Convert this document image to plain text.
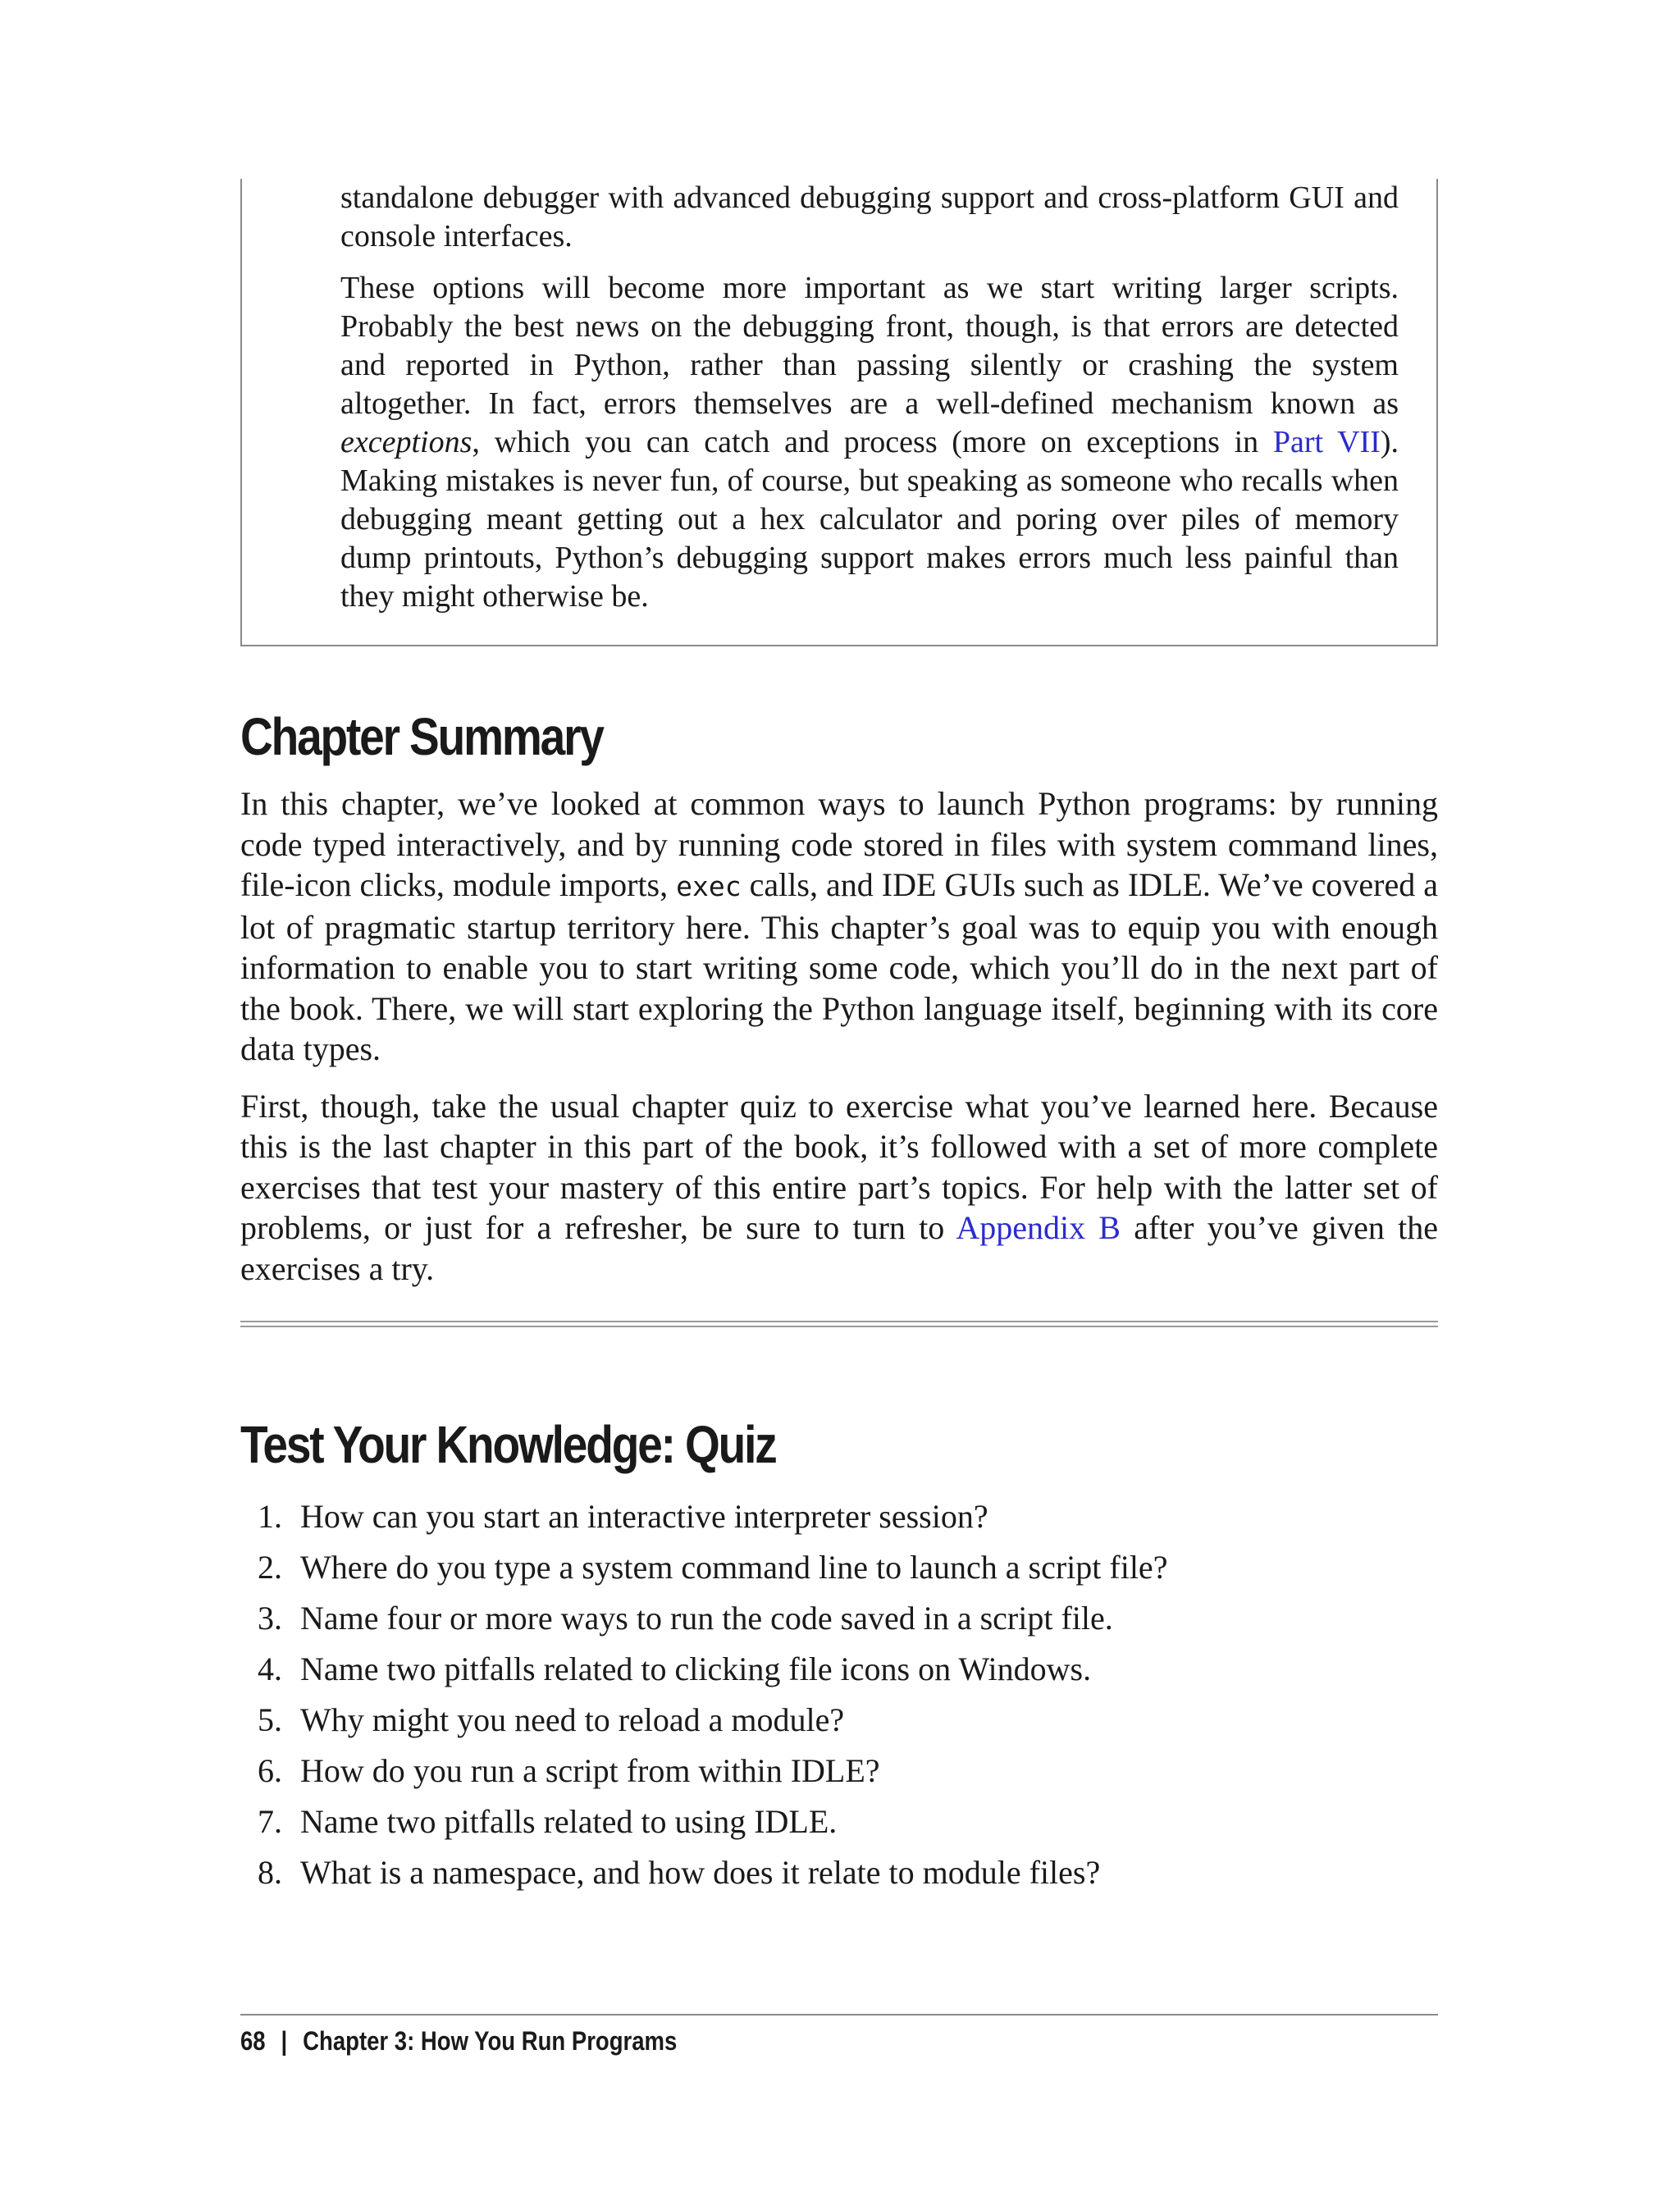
standalone debugger with advanced debugging support and cross-platform GUI and console interfaces.

These options will become more important as we start writing larger scripts. Probably the best news on the debugging front, though, is that errors are detected and reported in Python, rather than passing silently or crashing the system altogether. In fact, errors themselves are a well-defined mechanism known as exceptions, which you can catch and process (more on exceptions in Part VII). Making mistakes is never fun, of course, but speaking as someone who recalls when debugging meant getting out a hex calculator and poring over piles of memory dump printouts, Python’s debugging support makes errors much less painful than they might otherwise be.

Chapter Summary

In this chapter, we’ve looked at common ways to launch Python programs: by running code typed interactively, and by running code stored in files with system command lines, file-icon clicks, module imports, exec calls, and IDE GUIs such as IDLE. We’ve covered a lot of pragmatic startup territory here. This chapter’s goal was to equip you with enough information to enable you to start writing some code, which you’ll do in the next part of the book. There, we will start exploring the Python language itself, beginning with its core data types.

First, though, take the usual chapter quiz to exercise what you’ve learned here. Because this is the last chapter in this part of the book, it’s followed with a set of more complete exercises that test your mastery of this entire part’s topics. For help with the latter set of problems, or just for a refresher, be sure to turn to Appendix B after you’ve given the exercises a try.

Test Your Knowledge: Quiz
1. How can you start an interactive interpreter session?
2. Where do you type a system command line to launch a script file?
3. Name four or more ways to run the code saved in a script file.
4. Name two pitfalls related to clicking file icons on Windows.
5. Why might you need to reload a module?
6. How do you run a script from within IDLE?
7. Name two pitfalls related to using IDLE.
8. What is a namespace, and how does it relate to module files?
68 | Chapter 3: How You Run Programs
